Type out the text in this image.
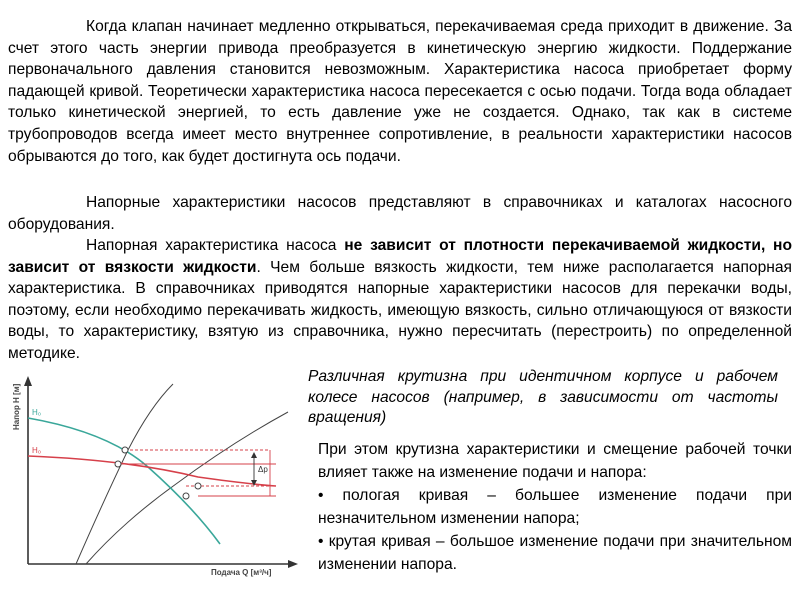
Когда клапан начинает медленно открываться, перекачиваемая среда приходит в движение. За счет этого часть энергии привода преобразуется в кинетическую энергию жидкости. Поддержание первоначального давления становится невозможным. Характеристика насоса приобретает форму падающей кривой. Теоретически характеристика насоса пересекается с осью подачи. Тогда вода обладает только кинетической энергией, то есть давление уже не создается. Однако, так как в системе трубопроводов всегда имеет место внутреннее сопротивление, в реальности характеристики насосов обрываются до того, как будет достигнута ось подачи.

Напорные характеристики насосов представляют в справочниках и каталогах насосного оборудования.

Напорная характеристика насоса не зависит от плотности перекачиваемой жидкости, но зависит от вязкости жидкости. Чем больше вязкость жидкости, тем ниже располагается напорная характеристика. В справочниках приводятся напорные характеристики насосов для перекачки воды, поэтому, если необходимо перекачивать жидкость, имеющую вязкость, сильно отличающуюся от вязкости воды, то характеристику, взятую из справочника, нужно пересчитать (перестроить) по определенной методике.

Напор H [м]
Подача Q [м³/ч]
H₀
H₀
Δp

Различная крутизна при идентичном корпусе и рабочем колесе насосов (например, в зависимости от частоты вращения)

При этом крутизна характеристики и смещение рабочей точки влияет также на изменение подачи и напора:

• пологая кривая – большее изменение подачи при незначительном изменении напора;

• крутая кривая – большое изменение подачи при значительном изменении напора.
